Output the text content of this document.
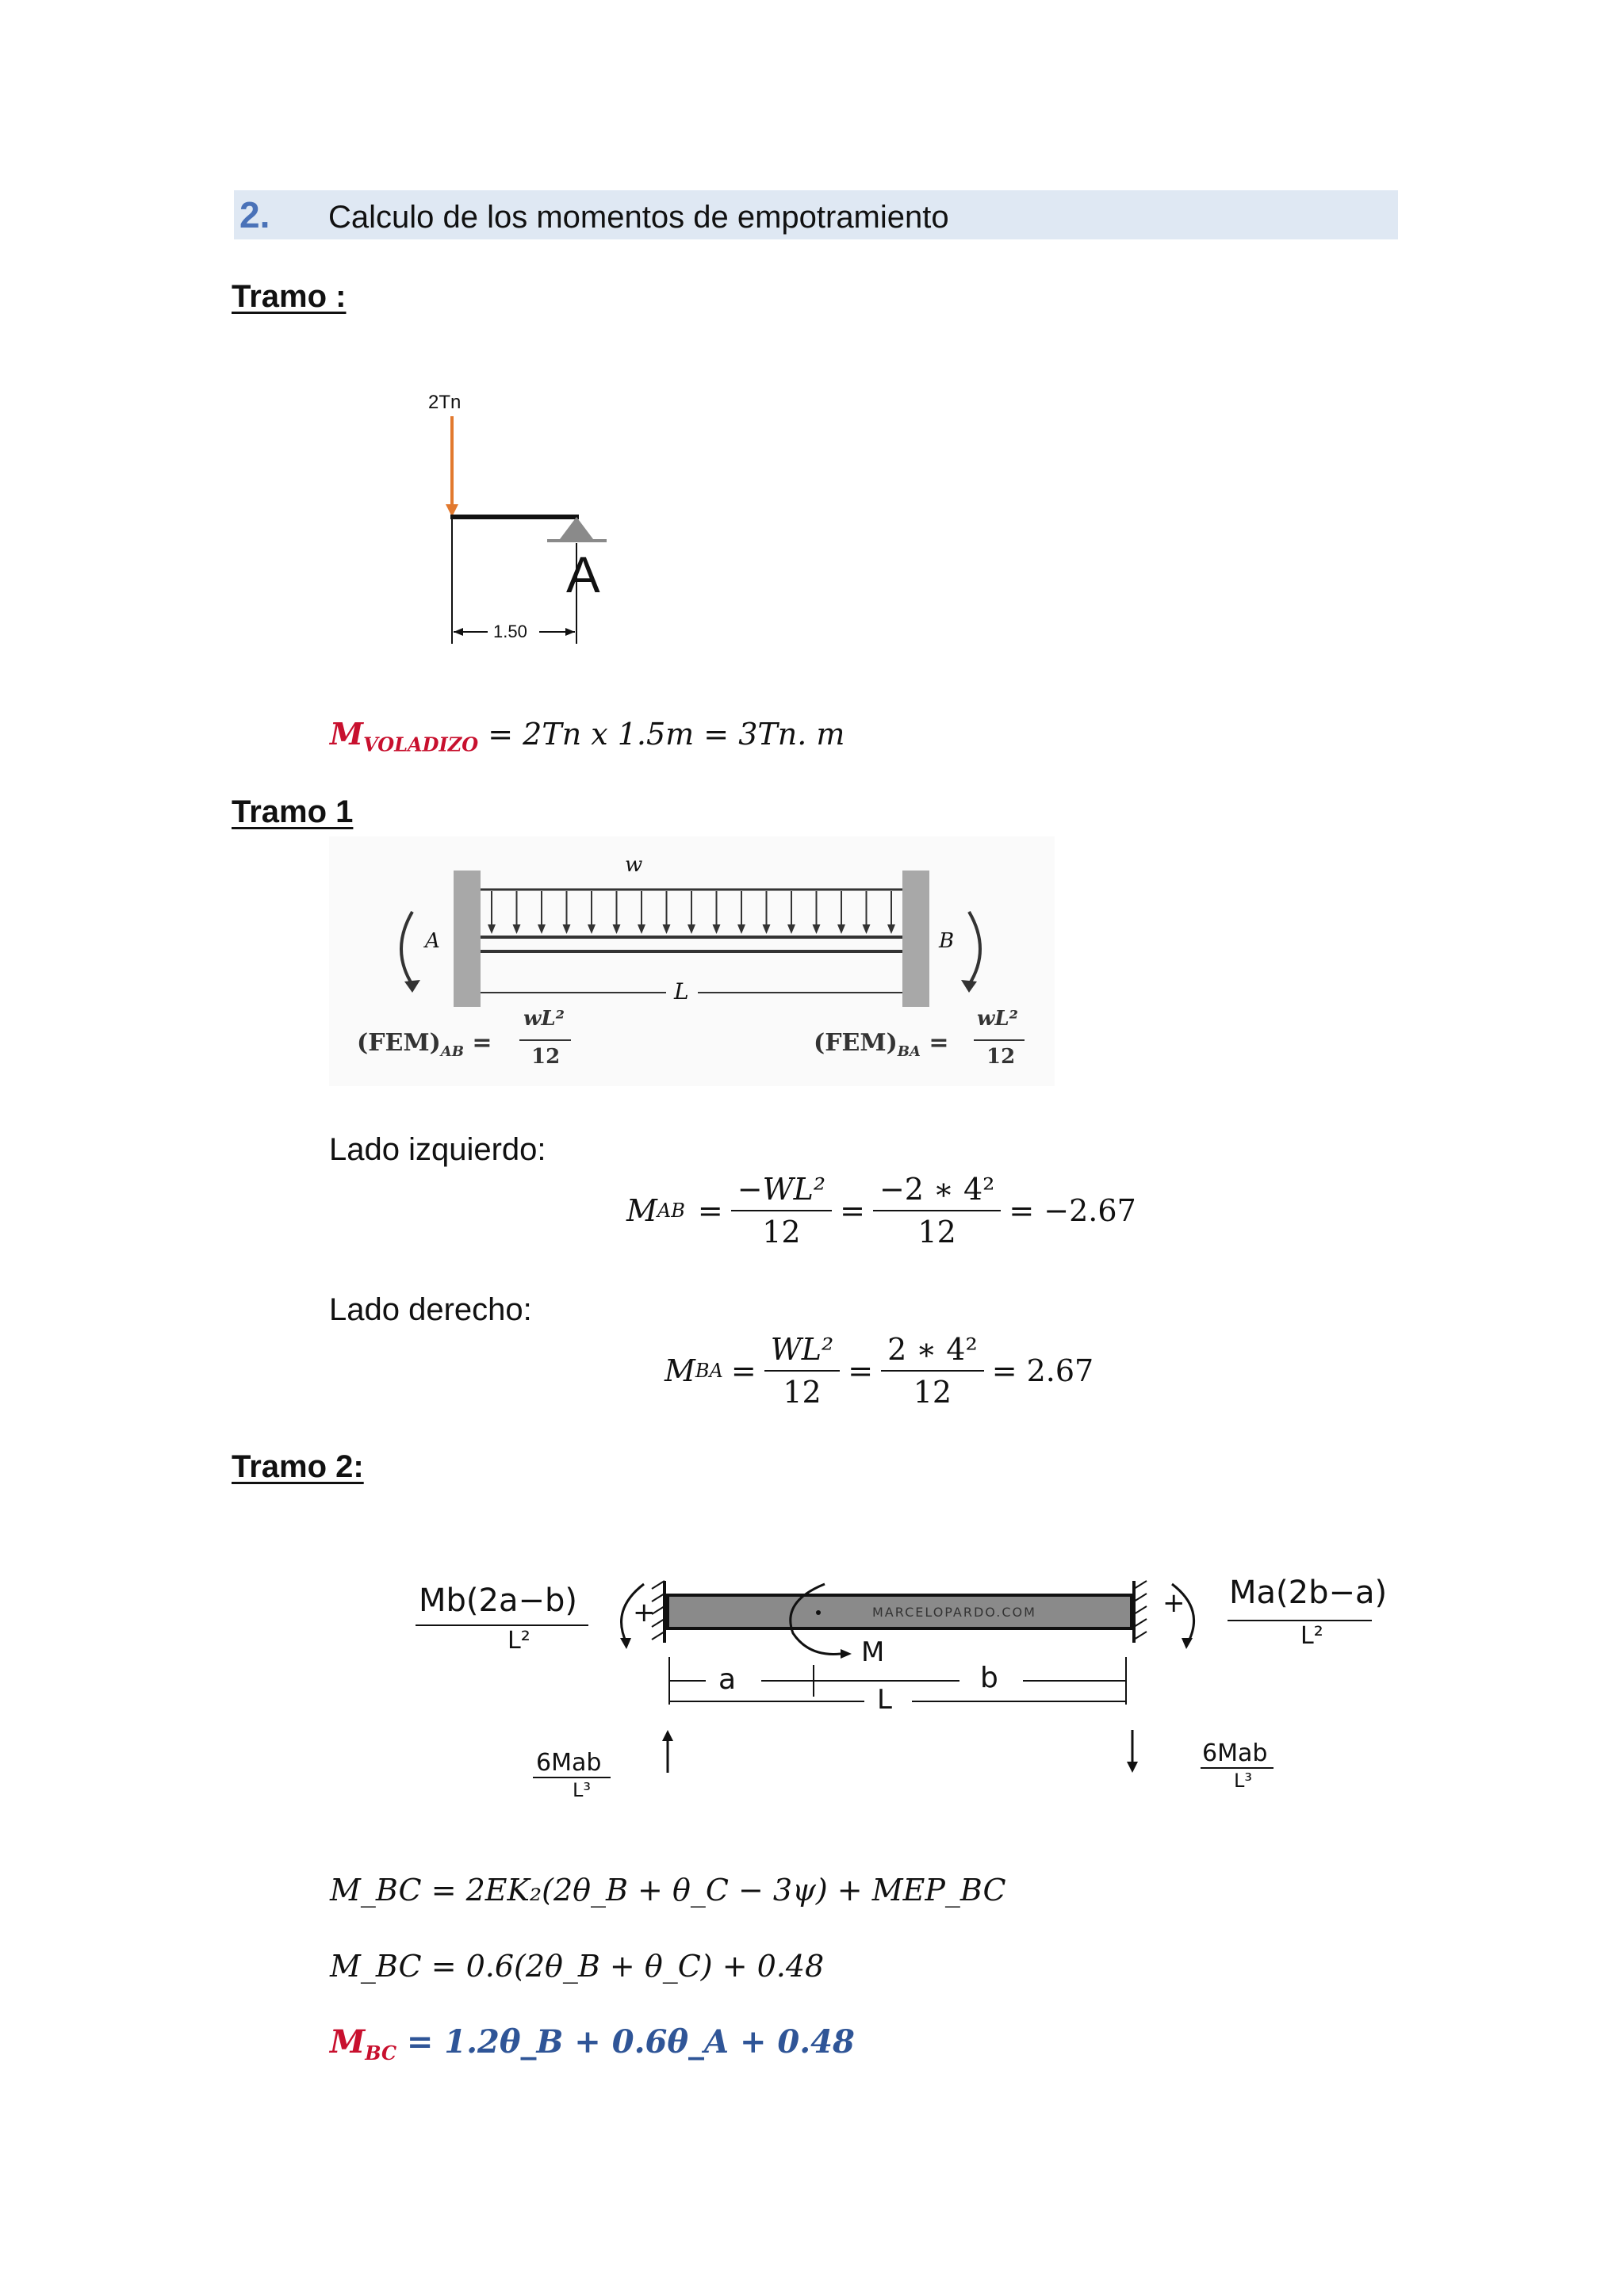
2. Calculo de los momentos de empotramiento
Tramo :
2Tn
A
1.50
$M_{VOLADIZO} = 2Tn$ x 1.5m = 3Tn. m
Tramo 1
w
A	B
L
$(FEM)_{AB}$ =	$(FEM)_{BA}$ =
wL²
12
wL²
12
Lado izquierdo:
M AB = $\frac{\text{−WL²}}{12} = \frac{\text{−2 ∗ 4²}}{12} = -2.67$
Lado derecho:
M BA = $\frac{\text{WL²}}{12} = \frac{\text{2 ∗ 4²}}{12} = 2.67$
Tramo 2:
Mb(2a−b)
L²
Ma(2b−a)
L²
+	+
M
MARCELOPARDO.COM
a	b
L
6Mab
L³
6Mab
L³
M_BC = 2EK₂(2θ_B + θ_C − 3ψ) + MEP_BC
M_BC = 0.6(2θ_B + θ_C) + 0.48
$M_{BC}$ = 1.2θ_B + 0.6θ_A + 0.48
